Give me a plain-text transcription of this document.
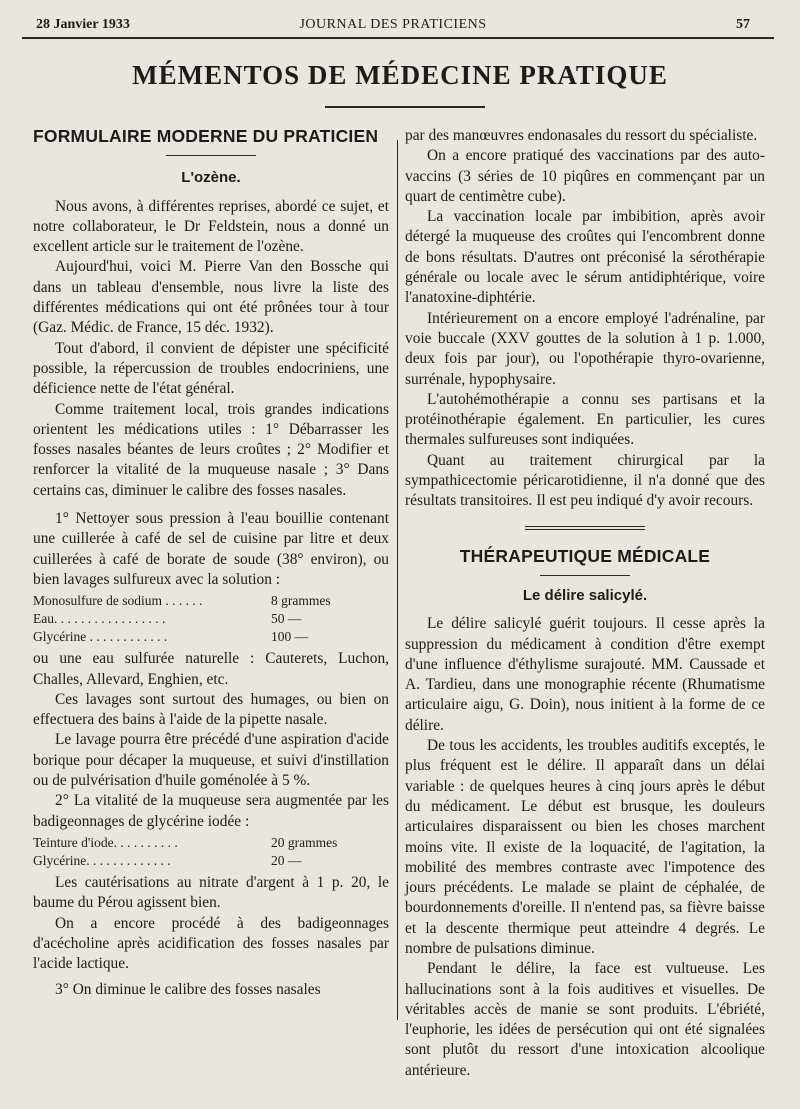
28 Janvier 1933	JOURNAL DES PRATICIENS	57
MÉMENTOS DE MÉDECINE PRATIQUE
FORMULAIRE MODERNE DU PRATICIEN
L'ozène.

Nous avons, à différentes reprises, abordé ce sujet, et notre collaborateur, le Dr Feldstein, nous a donné un excellent article sur le traitement de l'ozène.

Aujourd'hui, voici M. Pierre Van den Bossche qui dans un tableau d'ensemble, nous livre la liste des différentes médications qui ont été prônées tour à tour (Gaz. Médic. de France, 15 déc. 1932).

Tout d'abord, il convient de dépister une spécificité possible, la répercussion de troubles endocriniens, une déficience nette de l'état général.

Comme traitement local, trois grandes indications orientent les médications utiles : 1° Débarrasser les fosses nasales béantes de leurs croûtes ; 2° Modifier et renforcer la vitalité de la muqueuse nasale ; 3° Dans certains cas, diminuer le calibre des fosses nasales.

1° Nettoyer sous pression à l'eau bouillie contenant une cuillerée à café de sel de cuisine par litre et deux cuillerées à café de borate de soude (38° environ), ou bien lavages sulfureux avec la solution :

Monosulfure de sodium . . . . . .	8 grammes
Eau. . . . . . . . . . . . . . . . .	50 —
Glycérine . . . . . . . . . . . .	100 —

ou une eau sulfurée naturelle : Cauterets, Luchon, Challes, Allevard, Enghien, etc.

Ces lavages sont surtout des humages, ou bien on effectuera des bains à l'aide de la pipette nasale.

Le lavage pourra être précédé d'une aspiration d'acide borique pour décaper la muqueuse, et suivi d'instillation ou de pulvérisation d'huile goménolée à 5 %.

2° La vitalité de la muqueuse sera augmentée par les badigeonnages de glycérine iodée :

Teinture d'iode. . . . . . . . . .	20 grammes
Glycérine. . . . . . . . . . . . .	20 —

Les cautérisations au nitrate d'argent à 1 p. 20, le baume du Pérou agissent bien.

On a encore procédé à des badigeonnages d'acécholine après acidification des fosses nasales par l'acide lactique.

3° On diminue le calibre des fosses nasales

par des manœuvres endonasales du ressort du spécialiste.

On a encore pratiqué des vaccinations par des auto-vaccins (3 séries de 10 piqûres en commençant par un quart de centimètre cube).

La vaccination locale par imbibition, après avoir détergé la muqueuse des croûtes qui l'encombrent donne de bons résultats. D'autres ont préconisé la sérothérapie générale ou locale avec le sérum antidiphtérique, voire l'anatoxine-diphtérie.

Intérieurement on a encore employé l'adrénaline, par voie buccale (XXV gouttes de la solution à 1 p. 1.000, deux fois par jour), ou l'opothérapie thyro-ovarienne, surrénale, hypophysaire.

L'autohémothérapie a connu ses partisans et la protéinothérapie également. En particulier, les cures thermales sulfureuses sont indiquées.

Quant au traitement chirurgical par la sympathicectomie péricarotidienne, il n'a donné que des résultats transitoires. Il est peu indiqué d'y avoir recours.

THÉRAPEUTIQUE MÉDICALE
Le délire salicylé.

Le délire salicylé guérit toujours. Il cesse après la suppression du médicament à condition d'être exempt d'une influence d'éthylisme surajouté. MM. Caussade et A. Tardieu, dans une monographie récente (Rhumatisme articulaire aigu, G. Doin), nous initient à la forme de ce délire.

De tous les accidents, les troubles auditifs exceptés, le plus fréquent est le délire. Il apparaît dans un délai variable : de quelques heures à cinq jours après le début du médicament. Le début est brusque, les douleurs articulaires disparaissent ou bien les choses marchent moins vite. Il existe de la loquacité, de l'agitation, la mobilité des membres contraste avec l'impotence des jours précédents. Le malade se plaint de céphalée, de bourdonnements d'oreille. Il n'entend pas, sa fièvre baisse et la descente thermique peut atteindre 4 degrés. Le nombre de pulsations diminue.

Pendant le délire, la face est vultueuse. Les hallucinations sont à la fois auditives et visuelles. De véritables accès de manie se sont produits. L'ébriété, l'euphorie, les idées de persécution qui ont été signalées sont plutôt du ressort d'une intoxication alcoolique antérieure.
